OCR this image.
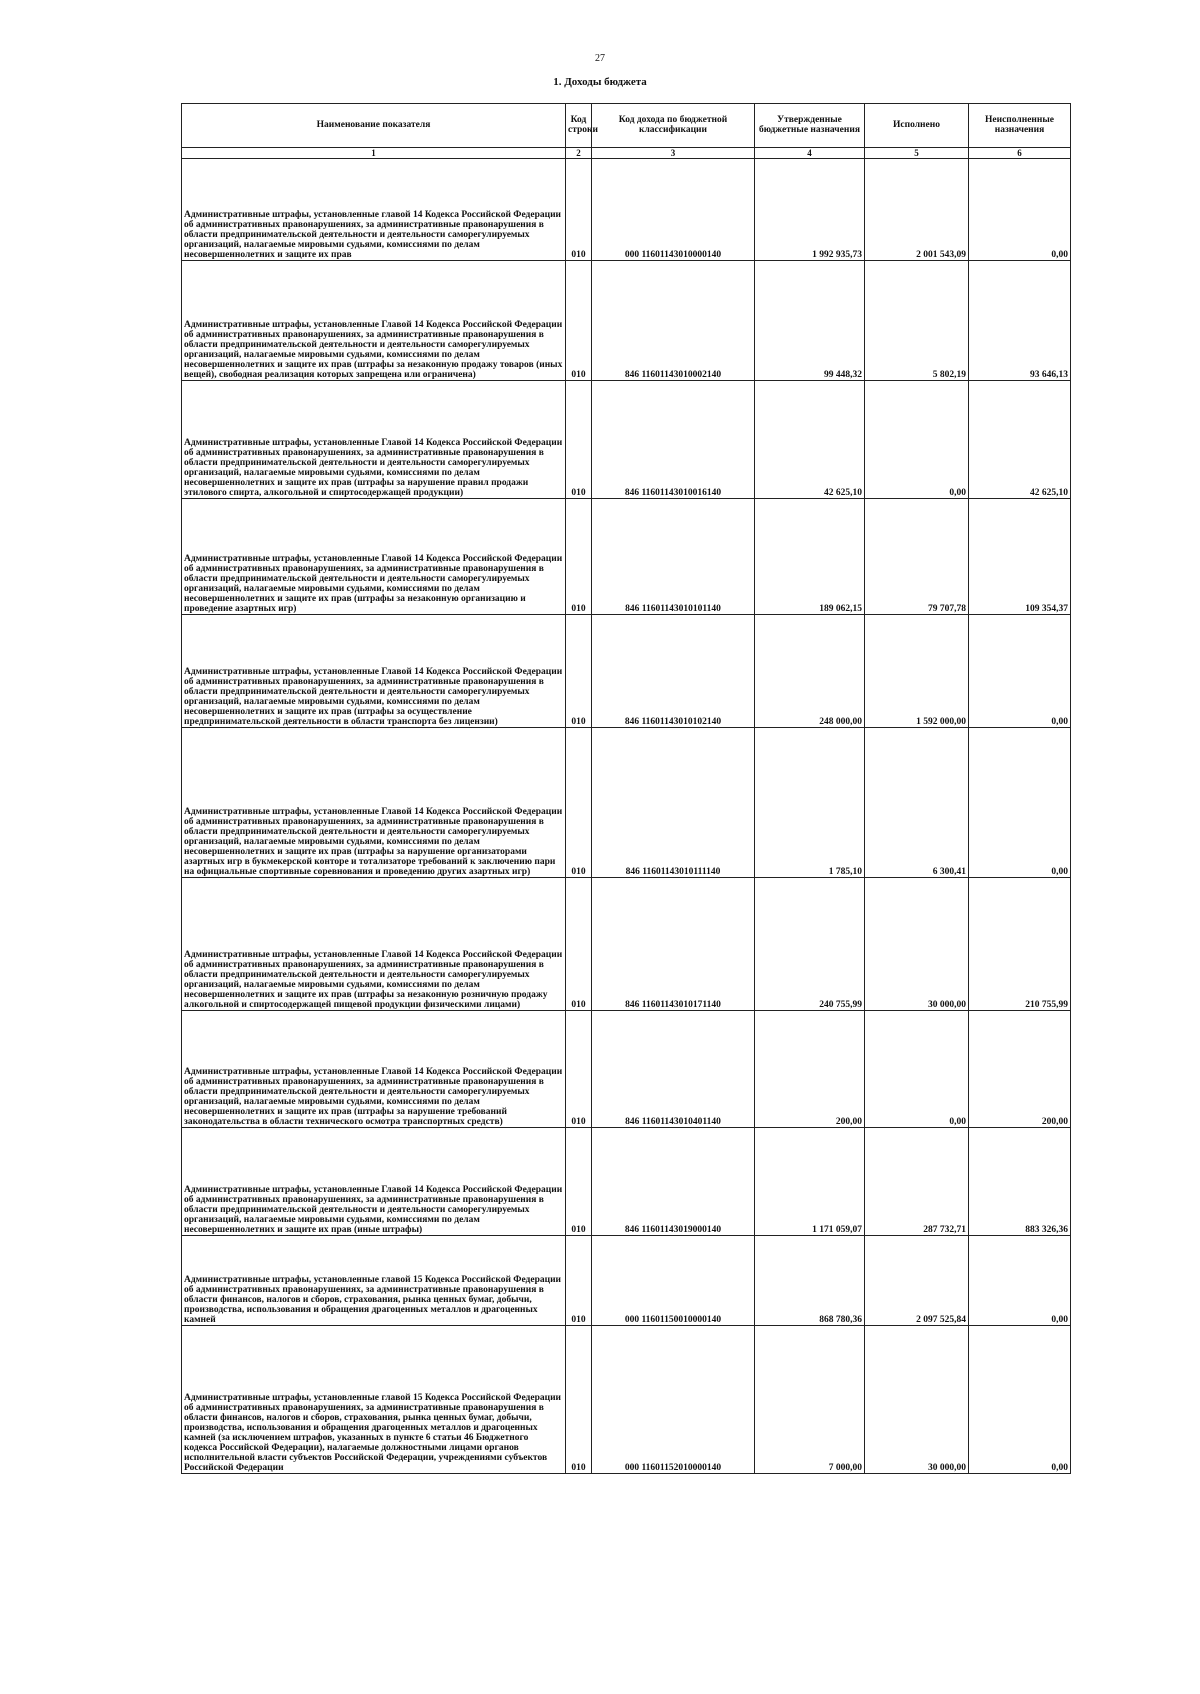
27
1. Доходы бюджета
Наименование показателя	Код строки	Код дохода по бюджетной классификации	Утвержденные бюджетные назначения	Исполнено	Неисполненные назначения
1	2	3	4	5	6
Административные штрафы, установленные главой 14 Кодекса Российской Федерации об административных правонарушениях, за административные правонарушения в области предпринимательской деятельности и деятельности саморегулируемых организаций, налагаемые мировыми судьями, комиссиями по делам несовершеннолетних и защите их прав	010	000 11601143010000140	1 992 935,73	2 001 543,09	0,00
Административные штрафы, установленные Главой 14 Кодекса Российской Федерации об административных правонарушениях, за административные правонарушения в области предпринимательской деятельности и деятельности саморегулируемых организаций, налагаемые мировыми судьями, комиссиями по делам несовершеннолетних и защите их прав (штрафы за незаконную продажу товаров (иных вещей), свободная реализация которых запрещена или ограничена)	010	846 11601143010002140	99 448,32	5 802,19	93 646,13
Административные штрафы, установленные Главой 14 Кодекса Российской Федерации об административных правонарушениях, за административные правонарушения в области предпринимательской деятельности и деятельности саморегулируемых организаций, налагаемые мировыми судьями, комиссиями по делам несовершеннолетних и защите их прав (штрафы за нарушение правил продажи этилового спирта, алкогольной и спиртосодержащей продукции)	010	846 11601143010016140	42 625,10	0,00	42 625,10
Административные штрафы, установленные Главой 14 Кодекса Российской Федерации об административных правонарушениях, за административные правонарушения в области предпринимательской деятельности и деятельности саморегулируемых организаций, налагаемые мировыми судьями, комиссиями по делам несовершеннолетних и защите их прав (штрафы за незаконную организацию и проведение азартных игр)	010	846 11601143010101140	189 062,15	79 707,78	109 354,37
Административные штрафы, установленные Главой 14 Кодекса Российской Федерации об административных правонарушениях, за административные правонарушения в области предпринимательской деятельности и деятельности саморегулируемых организаций, налагаемые мировыми судьями, комиссиями по делам несовершеннолетних и защите их прав (штрафы за осуществление предпринимательской деятельности в области транспорта без лицензии)	010	846 11601143010102140	248 000,00	1 592 000,00	0,00
Административные штрафы, установленные Главой 14 Кодекса Российской Федерации об административных правонарушениях, за административные правонарушения в области предпринимательской деятельности и деятельности саморегулируемых организаций, налагаемые мировыми судьями, комиссиями по делам несовершеннолетних и защите их прав (штрафы за нарушение организаторами азартных игр в букмекерской конторе и тотализаторе требований к заключению пари на официальные спортивные соревнования и проведению других азартных игр)	010	846 11601143010111140	1 785,10	6 300,41	0,00
Административные штрафы, установленные Главой 14 Кодекса Российской Федерации об административных правонарушениях, за административные правонарушения в области предпринимательской деятельности и деятельности саморегулируемых организаций, налагаемые мировыми судьями, комиссиями по делам несовершеннолетних и защите их прав (штрафы за незаконную розничную продажу алкогольной и спиртосодержащей пищевой продукции физическими лицами)	010	846 11601143010171140	240 755,99	30 000,00	210 755,99
Административные штрафы, установленные Главой 14 Кодекса Российской Федерации об административных правонарушениях, за административные правонарушения в области предпринимательской деятельности и деятельности саморегулируемых организаций, налагаемые мировыми судьями, комиссиями по делам несовершеннолетних и защите их прав (штрафы за нарушение требований законодательства в области технического осмотра транспортных средств)	010	846 11601143010401140	200,00	0,00	200,00
Административные штрафы, установленные Главой 14 Кодекса Российской Федерации об административных правонарушениях, за административные правонарушения в области предпринимательской деятельности и деятельности саморегулируемых организаций, налагаемые мировыми судьями, комиссиями по делам несовершеннолетних и защите их прав (иные штрафы)	010	846 11601143019000140	1 171 059,07	287 732,71	883 326,36
Административные штрафы, установленные главой 15 Кодекса Российской Федерации об административных правонарушениях, за административные правонарушения в области финансов, налогов и сборов, страхования, рынка ценных бумаг, добычи, производства, использования и обращения драгоценных металлов и драгоценных камней	010	000 11601150010000140	868 780,36	2 097 525,84	0,00
Административные штрафы, установленные главой 15 Кодекса Российской Федерации об административных правонарушениях, за административные правонарушения в области финансов, налогов и сборов, страхования, рынка ценных бумаг, добычи, производства, использования и обращения драгоценных металлов и драгоценных камней (за исключением штрафов, указанных в пункте 6 статьи 46 Бюджетного кодекса Российской Федерации), налагаемые должностными лицами органов исполнительной власти субъектов Российской Федерации, учреждениями субъектов Российской Федерации	010	000 11601152010000140	7 000,00	30 000,00	0,00
